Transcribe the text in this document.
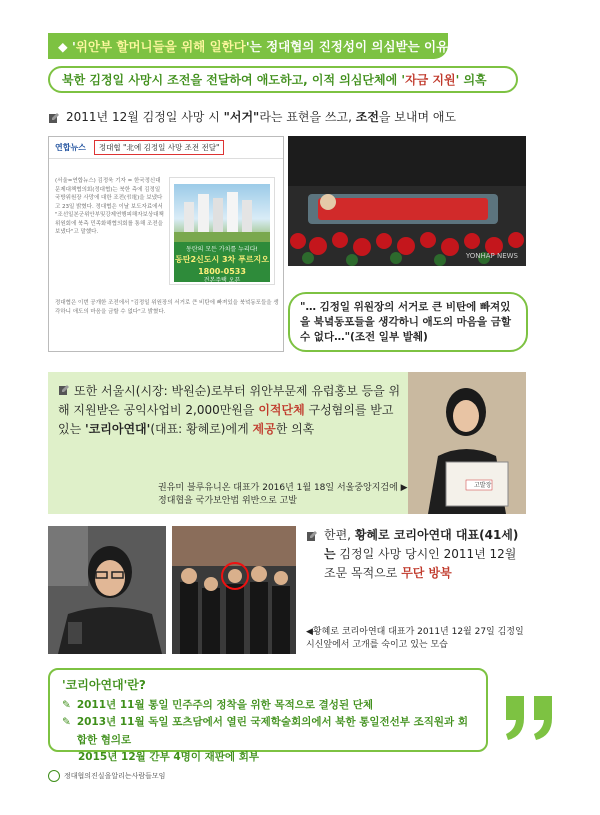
◆ ' 위안부 할머니들을 위해 일한다 '는 정대협의 진정성이 의심받는 이유
북한 김정일 사망시 조전을 전달하여 애도하고, 이적 의심단체에 ' 자금 지원 ' 의혹
2011년 12월 김정일 사망 시 "서거"라는 표현을 쓰고, 조전을 보내며 애도
연합뉴스	정대협 "北에 김정일 사망 조전 전달"
(서울=연합뉴스) 김정욱 기자 = 한국정신대문제대책협의회(정대협)는 북한 측에 김정일 국방위원장 사망에 대한 조전(弔電)을 보냈다고 23일 밝혔다. 정대협은 이날 보도자료에서 "조선일본군위안부및강제연행피해자보상대책위원회에 북측 민족화해협의회를 통해 조전을 보냈다"고 말했다.
동탄의 모든 가치를 누리다!
동탄2신도시 3차 푸르지오
1800-0533
견본주택 오픈
정대협은 이번 공개한 조전에서 "김정일 위원장의 서거로 큰 비탄에 빠져있을 북녘동포들을 생각하니 애도의 마음을 금할 수 없다"고 밝혔다.
YONHAP NEWS
"… 김정일 위원장의 서거로 큰 비탄에 빠져있을 북녘동포들을 생각하니 애도의 마음을 금할 수 없다…"(조전 일부 발췌)
또한 서울시(시장: 박원순)로부터 위안부문제 유럽홍보 등을 위해 지원받은 공익사업비 2,000만원을 이적단체 구성혐의를 받고 있는 '코리아연대'(대표: 황혜로)에게 제공한 의혹
권유미 블루유니온 대표가 2016년 1월 18일 서울중앙지검에 ▶ 정대협을 국가보안법 위반으로 고발
고발장
한편, 황혜로 코리아연대 대표(41세)는 김정일 사망 당시인 2011년 12월 조문 목적으로 무단 방북
◀황혜로 코리아연대 대표가 2011년 12월 27일 김정일 시신앞에서 고개를 숙이고 있는 모습
'코리아연대'란?
✎ 2011년 11월 통일 민주주의 정착을 위한 목적으로 결성된 단체
✎ 2013년 11월 독일 포츠담에서 열린 국제학술회의에서 북한 통일전선부 조직원과 회합한 혐의로
2015년 12월 간부 4명이 재판에 회부
정대협의진실을알리는사람들모임
